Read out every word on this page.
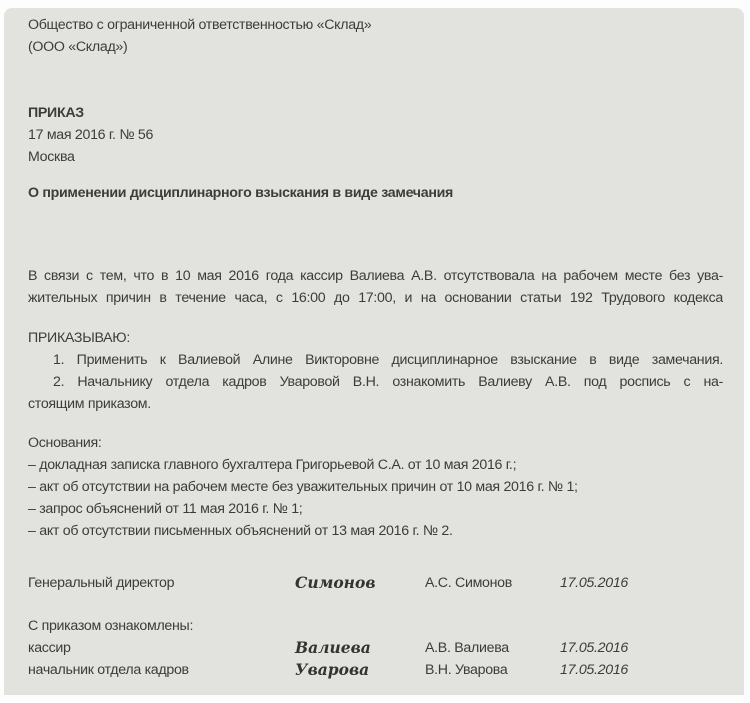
Общество с ограниченной ответственностью «Склад»
(ООО «Склад»)
ПРИКАЗ
17 мая 2016 г. № 56
Москва
О применении дисциплинарного взыскания в виде замечания
В связи с тем, что в 10 мая 2016 года кассир Валиева А.В. отсутствовала на рабочем месте без ува-
жительных причин в течение часа, с 16:00 до 17:00, и на основании статьи 192 Трудового кодекса
ПРИКАЗЫВАЮ:
1. Применить к Валиевой Алине Викторовне дисциплинарное взыскание в виде замечания.
2. Начальнику отдела кадров Уваровой В.Н. ознакомить Валиеву А.В. под роспись с на-
стоящим приказом.
Основания:
– докладная записка главного бухгалтера Григорьевой С.А. от 10 мая 2016 г.;
– акт об отсутствии на рабочем месте без уважительных причин от 10 мая 2016 г. № 1;
– запрос объяснений от 11 мая 2016 г. № 1;
– акт об отсутствии письменных объяснений от 13 мая 2016 г. № 2.
Генеральный директор	Симонов	А.С. Симонов	17.05.2016
С приказом ознакомлены:
кассир	Валиева	А.В. Валиева	17.05.2016
начальник отдела кадров	Уварова	В.Н. Уварова	17.05.2016
